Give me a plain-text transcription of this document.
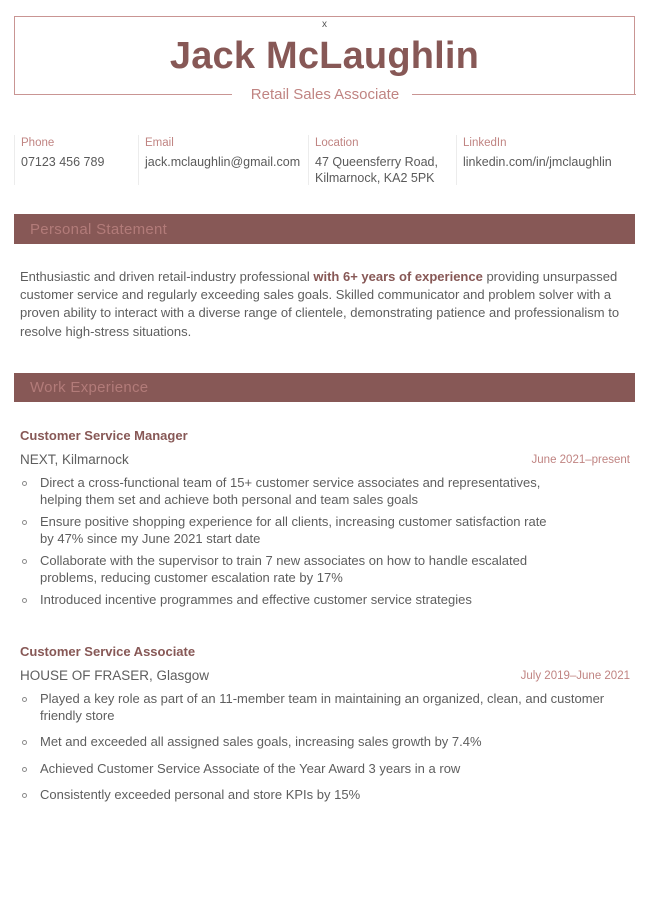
x
Jack McLaughlin
Retail Sales Associate
Phone
07123 456 789
Email
jack.mclaughlin@gmail.com
Location
47 Queensferry Road,
Kilmarnock, KA2 5PK
LinkedIn
linkedin.com/in/jmclaughlin
Personal Statement

Enthusiastic and driven retail-industry professional with 6+ years of experience providing unsurpassed customer service and regularly exceeding sales goals. Skilled communicator and problem solver with a proven ability to interact with a diverse range of clientele, demonstrating patience and professionalism to resolve high-stress situations.

Work Experience
Customer Service Manager
NEXT, Kilmarnock	June 2021–present
Direct a cross-functional team of 15+ customer service associates and representatives, helping them set and achieve both personal and team sales goals
Ensure positive shopping experience for all clients, increasing customer satisfaction rate by 47% since my June 2021 start date
Collaborate with the supervisor to train 7 new associates on how to handle escalated problems, reducing customer escalation rate by 17%
Introduced incentive programmes and effective customer service strategies
Customer Service Associate
HOUSE OF FRASER, Glasgow	July 2019–June 2021
Played a key role as part of an 11-member team in maintaining an organized, clean, and customer friendly store
Met and exceeded all assigned sales goals, increasing sales growth by 7.4%
Achieved Customer Service Associate of the Year Award 3 years in a row
Consistently exceeded personal and store KPIs by 15%
